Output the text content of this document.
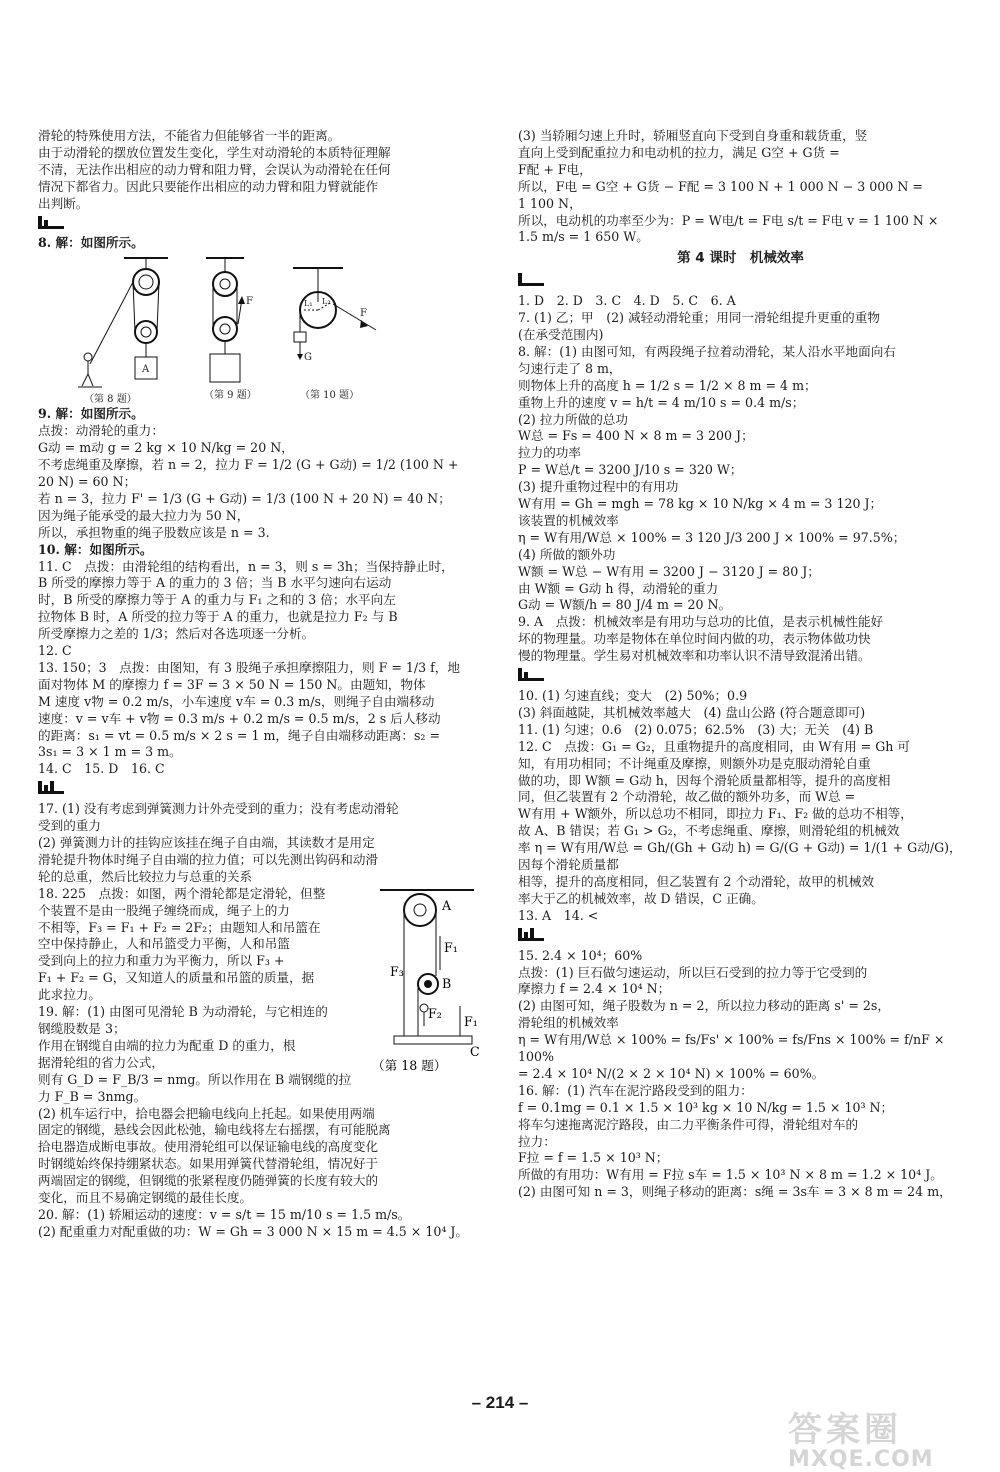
滑轮的特殊使用方法，不能省力但能够省一半的距离。

由于动滑轮的摆放位置发生变化，学生对动滑轮的本质特征理解

不清，无法作出相应的动力臂和阻力臂，会误认为动滑轮在任何

情况下都省力。因此只要能作出相应的动力臂和阻力臂就能作

出判断。

8. 解：如图所示。

A
（第 8 题）
F
（第 9 题）
L₁ L₂
G
F
（第 10 题）

9. 解：如图所示。

点拨：动滑轮的重力：

G动 = m动 g = 2 kg × 10 N/kg = 20 N，

不考虑绳重及摩擦，若 n = 2，拉力 F = 1/2 (G + G动) = 1/2 (100 N +

20 N) = 60 N；

若 n = 3，拉力 F' = 1/3 (G + G动) = 1/3 (100 N + 20 N) = 40 N；

因为绳子能承受的最大拉力为 50 N，

所以，承担物重的绳子股数应该是 n = 3.

10. 解：如图所示。

11. C　点拨：由滑轮组的结构看出，n = 3，则 s = 3h；当保持静止时，

B 所受的摩擦力等于 A 的重力的 3 倍；当 B 水平匀速向右运动

时，B 所受的摩擦力等于 A 的重力与 F₁ 之和的 3 倍；水平向左

拉物体 B 时，A 所受的拉力等于 A 的重力，也就是拉力 F₂ 与 B

所受摩擦力之差的 1/3；然后对各选项逐一分析。

12. C

13. 150；3　点拨：由图知，有 3 股绳子承担摩擦阻力，则 F = 1/3 f，地

面对物体 M 的摩擦力 f = 3F = 3 × 50 N = 150 N。由题知，物体

M 速度 v物 = 0.2 m/s，小车速度 v车 = 0.3 m/s，则绳子自由端移动

速度：v = v车 + v物 = 0.3 m/s + 0.2 m/s = 0.5 m/s，2 s 后人移动

的距离：s₁ = vt = 0.5 m/s × 2 s = 1 m，绳子自由端移动距离：s₂ =

3s₁ = 3 × 1 m = 3 m。

14. C　15. D　16. C

17. (1) 没有考虑到弹簧测力计外壳受到的重力；没有考虑动滑轮

受到的重力

(2) 弹簧测力计的挂钩应该挂在绳子自由端，其读数才是用定

滑轮提升物体时绳子自由端的拉力值；可以先测出钩码和动滑

轮的总重，然后比较拉力与总重的关系

A
B
F₁
F₂
F₃
F₁
C
（第 18 题）

18. 225　点拨：如图，两个滑轮都是定滑轮，但整

个装置不是由一股绳子缠绕而成，绳子上的力

不相等，F₃ = F₁ + F₂ = 2F₂；由题知人和吊篮在

空中保持静止，人和吊篮受力平衡，人和吊篮

受到向上的拉力和重力为平衡力，所以 F₃ +

F₁ + F₂ = G，又知道人的质量和吊篮的质量，据

此求拉力。

19. 解：(1) 由图可见滑轮 B 为动滑轮，与它相连的

钢缆股数是 3；

作用在钢缆自由端的拉力为配重 D 的重力，根

据滑轮组的省力公式，

则有 G_D = F_B/3 = nmg。所以作用在 B 端钢缆的拉力 F_B = 3nmg。

(2) 机车运行中，拾电器会把输电线向上托起。如果使用两端

固定的钢缆，悬线会因此松弛，输电线将左右摇摆，有可能脱离

拾电器造成断电事故。使用滑轮组可以保证输电线的高度变化

时钢缆始终保持绷紧状态。如果用弹簧代替滑轮组，情况好于

两端固定的钢缆，但钢缆的张紧程度仍随弹簧的长度有较大的

变化，而且不易确定钢缆的最佳长度。

20. 解：(1) 轿厢运动的速度：v = s/t = 15 m/10 s = 1.5 m/s。

(2) 配重重力对配重做的功：W = Gh = 3 000 N × 15 m = 4.5 × 10⁴ J。

(3) 当轿厢匀速上升时，轿厢竖直向下受到自身重和载货重，竖

直向上受到配重拉力和电动机的拉力，满足 G空 + G货 =

F配 + F电，

所以，F电 = G空 + G货 − F配 = 3 100 N + 1 000 N − 3 000 N =

1 100 N，

所以，电动机的功率至少为：P = W电/t = F电 s/t = F电 v = 1 100 N ×

1.5 m/s = 1 650 W。

第 4 课时　机械效率

1. D　2. D　3. C　4. D　5. C　6. A

7. (1) 乙；甲　(2) 减轻动滑轮重；用同一滑轮组提升更重的重物

(在承受范围内)

8. 解：(1) 由图可知，有两段绳子拉着动滑轮，某人沿水平地面向右

匀速行走了 8 m，

则物体上升的高度 h = 1/2 s = 1/2 × 8 m = 4 m；

重物上升的速度 v = h/t = 4 m/10 s = 0.4 m/s；

(2) 拉力所做的总功

W总 = Fs = 400 N × 8 m = 3 200 J；

拉力的功率

P = W总/t = 3200 J/10 s = 320 W；

(3) 提升重物过程中的有用功

W有用 = Gh = mgh = 78 kg × 10 N/kg × 4 m = 3 120 J；

该装置的机械效率

η = W有用/W总 × 100% = 3 120 J/3 200 J × 100% = 97.5%；

(4) 所做的额外功

W额 = W总 − W有用 = 3200 J − 3120 J = 80 J；

由 W额 = G动 h 得，动滑轮的重力

G动 = W额/h = 80 J/4 m = 20 N。

9. A　点拨：机械效率是有用功与总功的比值，是表示机械性能好

坏的物理量。功率是物体在单位时间内做的功，表示物体做功快

慢的物理量。学生易对机械效率和功率认识不清导致混淆出错。

10. (1) 匀速直线；变大　(2) 50%；0.9

(3) 斜面越陡，其机械效率越大　(4) 盘山公路 (符合题意即可)

11. (1) 匀速；0.6　(2) 0.075；62.5%　(3) 大；无关　(4) B

12. C　点拨：G₁ = G₂，且重物提升的高度相同，由 W有用 = Gh 可

知，有用功相同；不计绳重及摩擦，则额外功是克服动滑轮自重

做的功，即 W额 = G动 h，因每个滑轮质量都相等，提升的高度相

同，但乙装置有 2 个动滑轮，故乙做的额外功多，而 W总 =

W有用 + W额外，所以总功不相同，即拉力 F₁、F₂ 做的总功不相等，

故 A、B 错误；若 G₁ > G₂，不考虑绳重、摩擦，则滑轮组的机械效

率 η = W有用/W总 = Gh/(Gh + G动 h) = G/(G + G动) = 1/(1 + G动/G)，因每个滑轮质量都

相等，提升的高度相同，但乙装置有 2 个动滑轮，故甲的机械效

率大于乙的机械效率，故 D 错误，C 正确。

13. A　14. <

15. 2.4 × 10⁴；60%

点拨：(1) 巨石做匀速运动，所以巨石受到的拉力等于它受到的

摩擦力 f = 2.4 × 10⁴ N；

(2) 由图可知，绳子股数为 n = 2，所以拉力移动的距离 s' = 2s，

滑轮组的机械效率

η = W有用/W总 × 100% = fs/Fs' × 100% = fs/Fns × 100% = f/nF × 100%

= 2.4 × 10⁴ N/(2 × 2 × 10⁴ N) × 100% = 60%。

16. 解：(1) 汽车在泥泞路段受到的阻力：

f = 0.1mg = 0.1 × 1.5 × 10³ kg × 10 N/kg = 1.5 × 10³ N；

将车匀速拖离泥泞路段，由二力平衡条件可得，滑轮组对车的

拉力：

F拉 = f = 1.5 × 10³ N；

所做的有用功：W有用 = F拉 s车 = 1.5 × 10³ N × 8 m = 1.2 × 10⁴ J。

(2) 由图可知 n = 3，则绳子移动的距离：s绳 = 3s车 = 3 × 8 m = 24 m，

– 214 –
答案圈
MXQE.COM
